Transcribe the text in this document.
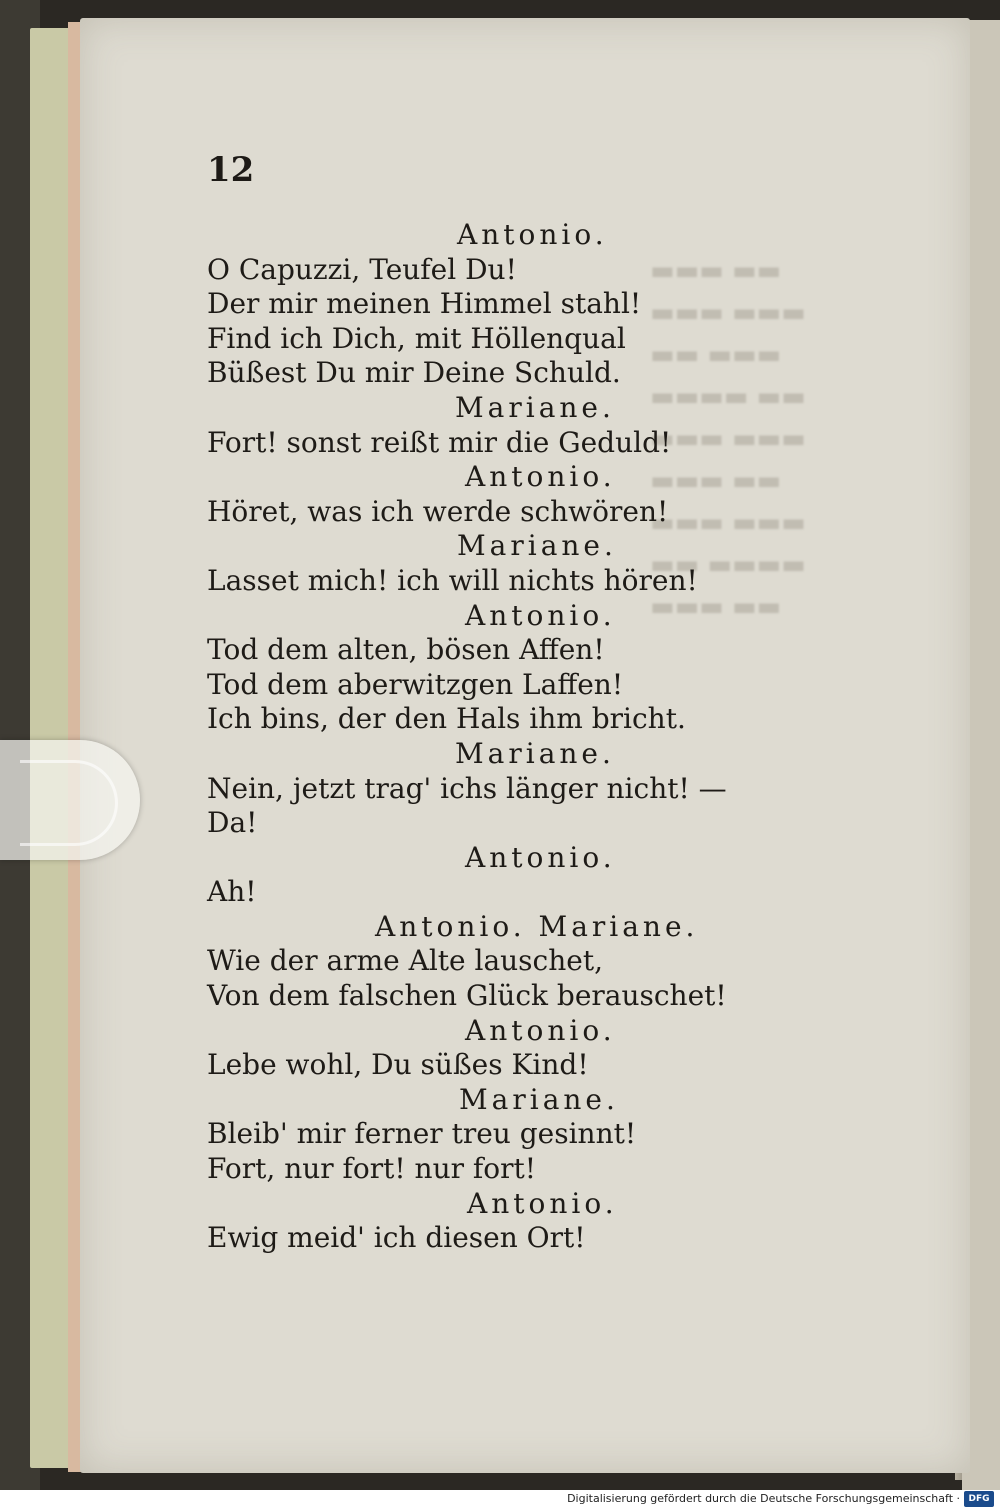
▬▬▬ ▬▬
▬▬▬ ▬▬▬
▬▬ ▬▬▬
▬▬▬▬ ▬▬
▬▬▬ ▬▬▬
▬▬▬ ▬▬
▬▬▬ ▬▬▬
▬▬ ▬▬▬▬
▬▬▬ ▬▬
12
Antonio.
O Capuzzi, Teufel Du!
Der mir meinen Himmel stahl!
Find ich Dich, mit Höllenqual
Büßest Du mir Deine Schuld.
Mariane.
Fort! sonst reißt mir die Geduld!
Antonio.
Höret, was ich werde schwören!
Mariane.
Lasset mich! ich will nichts hören!
Antonio.
Tod dem alten, bösen Affen!
Tod dem aberwitzgen Laffen!
Ich bins, der den Hals ihm bricht.
Mariane.
Nein, jetzt trag' ichs länger nicht! —
Da!
Antonio.
Ah!
Antonio. Mariane.
Wie der arme Alte lauschet,
Von dem falschen Glück berauschet!
Antonio.
Lebe wohl, Du süßes Kind!
Mariane.
Bleib' mir ferner treu gesinnt!
Fort, nur fort! nur fort!
Antonio.
Ewig meid' ich diesen Ort!
Digitalisierung gefördert durch die Deutsche Forschungsgemeinschaft · DFG
